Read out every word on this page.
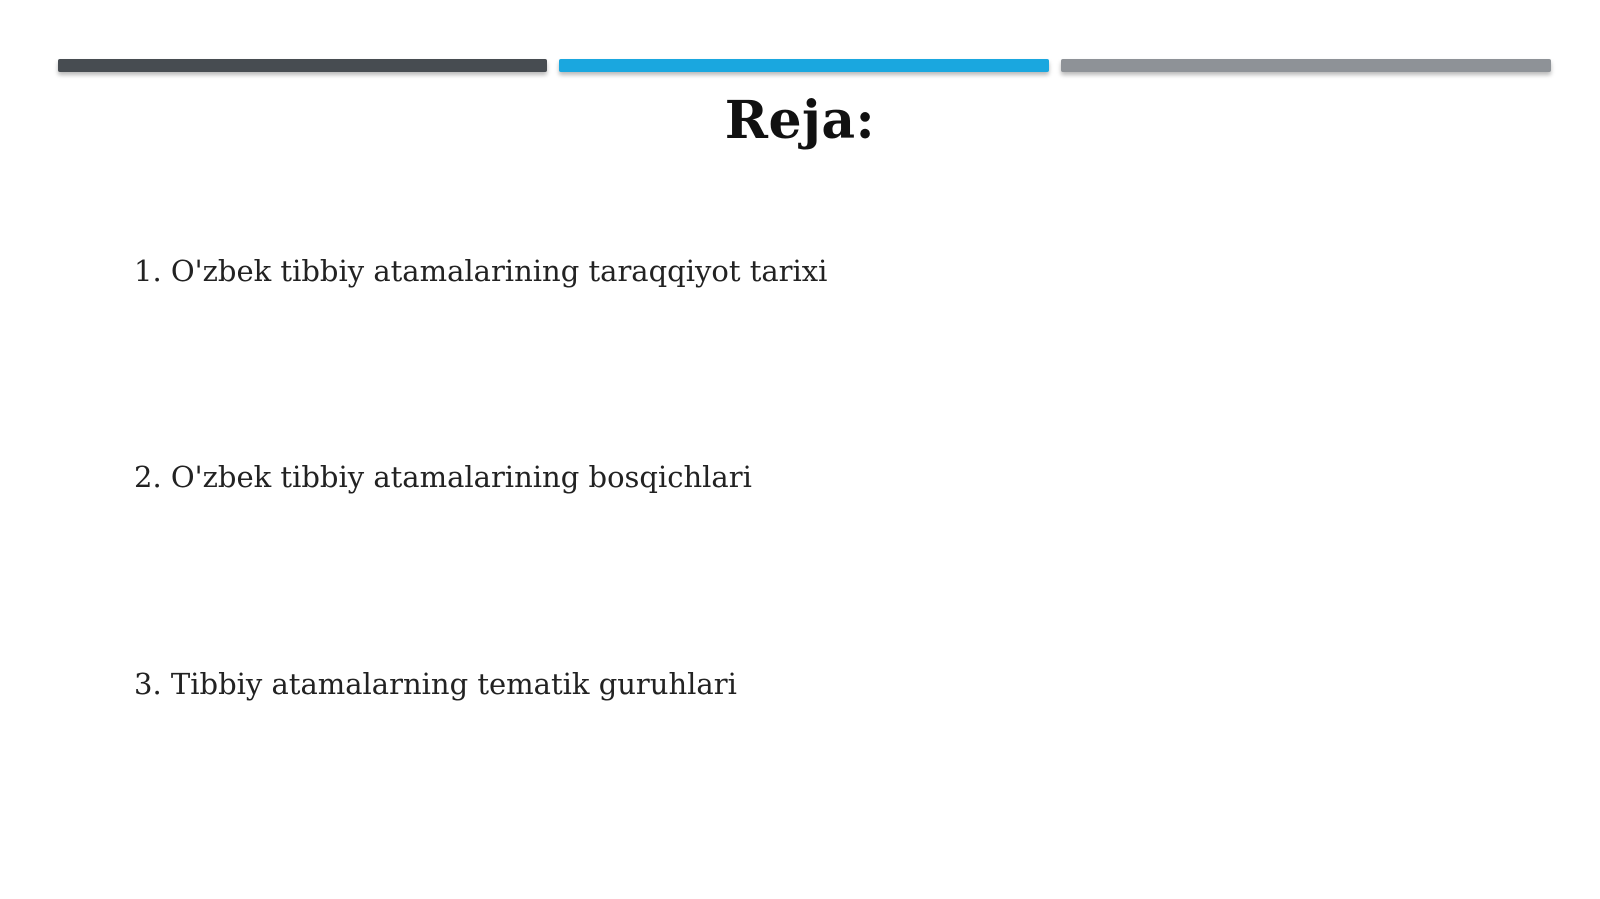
Reja:
1. O'zbek tibbiy atamalarining taraqqiyot tarixi
2. O'zbek tibbiy atamalarining bosqichlari
3. Tibbiy atamalarning tematik guruhlari
